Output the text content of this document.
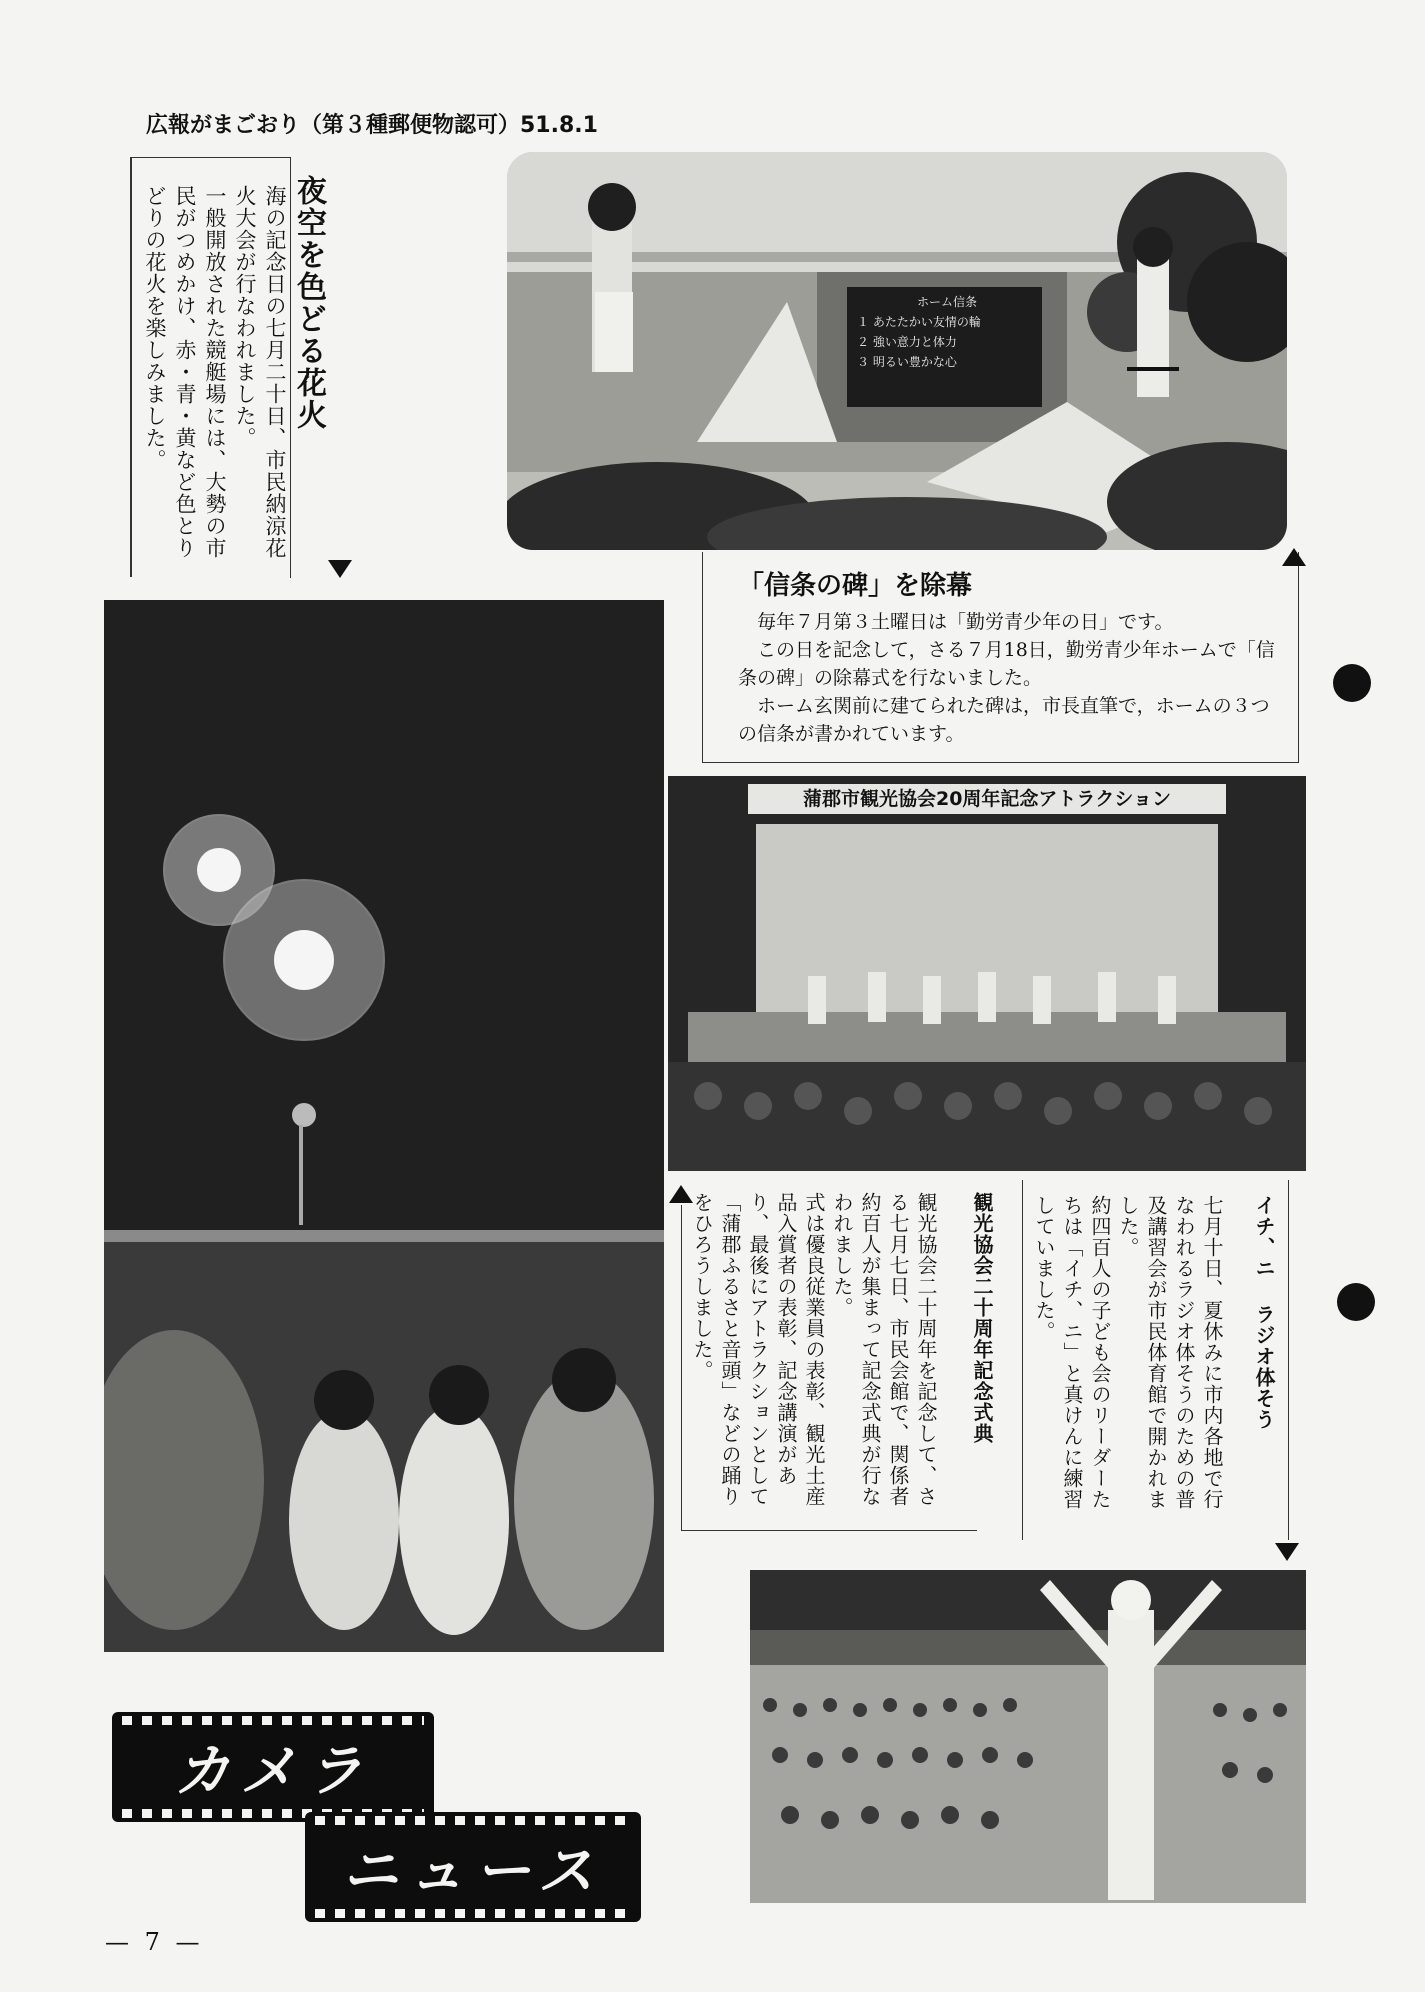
広報がまごおり（第３種郵便物認可）51.8.1
夜空を色どる花火
海の記念日の七月二十日、市民納涼花火大会が行なわれました。
一般開放された競艇場には、大勢の市民がつめかけ、赤・青・黄など色とりどりの花火を楽しみました。	ホーム信条
１ あたたかい友情の輪
２ 強い意力と体力
３ 明るい豊かな心
「信条の碑」を除幕

毎年７月第３土曜日は「勤労青少年の日」です。

この日を記念して，さる７月18日，勤労青少年ホームで「信条の碑」の除幕式を行ないました。

ホーム玄関前に建てられた碑は，市長直筆で，ホームの３つの信条が書かれています。

蒲郡市観光協会20周年記念アトラクション
観光協会二十周年記念式典
観光協会二十周年を記念して、さる七月七日、市民会館で、関係者約百人が集まって記念式典が行なわれました。
式は優良従業員の表彰、観光土産品入賞者の表彰、記念講演があり、最後にアトラクションとして「蒲郡ふるさと音頭」などの踊りをひろうしました。	イチ、ニ ラジオ体そう
七月十日、夏休みに市内各地で行なわれるラジオ体そうのための普及講習会が市民体育館で開かれました。
約四百人の子ども会のリーダーたちは「イチ、ニ」と真けんに練習していました。
カメラ
ニュース
— 7 —
